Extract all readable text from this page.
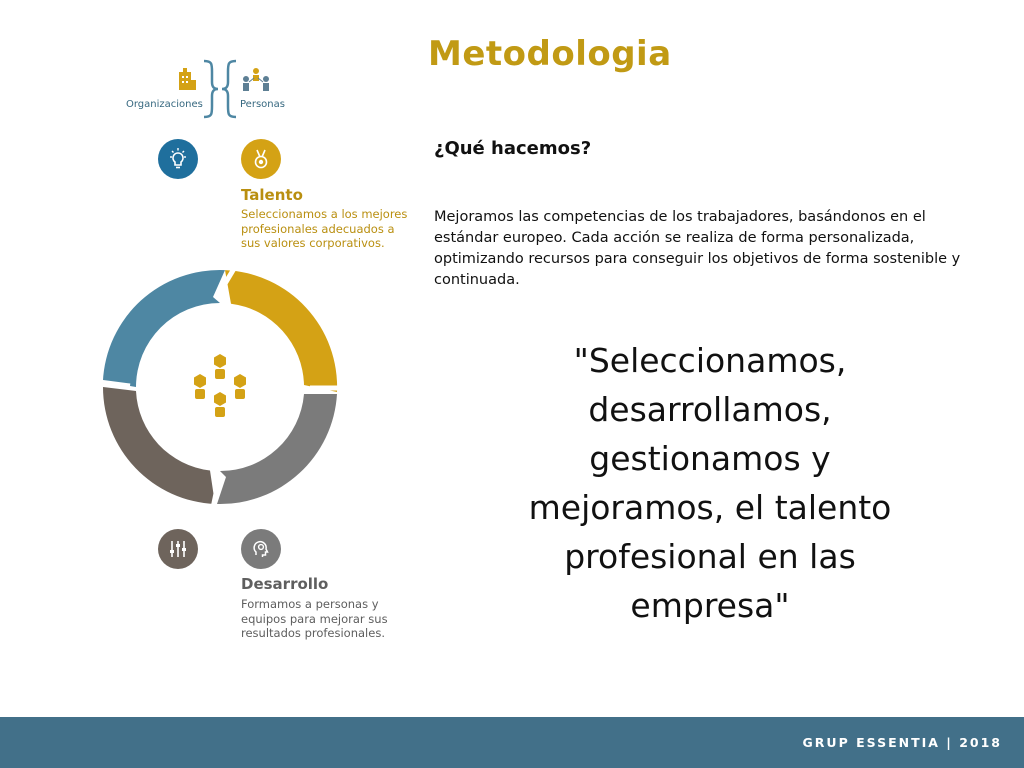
Metodologia
¿Qué hacemos?
Mejoramos las competencias de los trabajadores, basándonos en el estándar europeo. Cada acción se realiza de forma personalizada, optimizando recursos para conseguir los objetivos de forma sostenible y continuada.
"Seleccionamos, desarrollamos, gestionamos y mejoramos, el talento profesional en las empresa"
Organizaciones	Personas
Talento
Seleccionamos a los mejores
profesionales adecuados a
sus valores corporativos.
Desarrollo
Formamos a personas y
equipos para mejorar sus
resultados profesionales.
GRUP ESSENTIA | 2018
